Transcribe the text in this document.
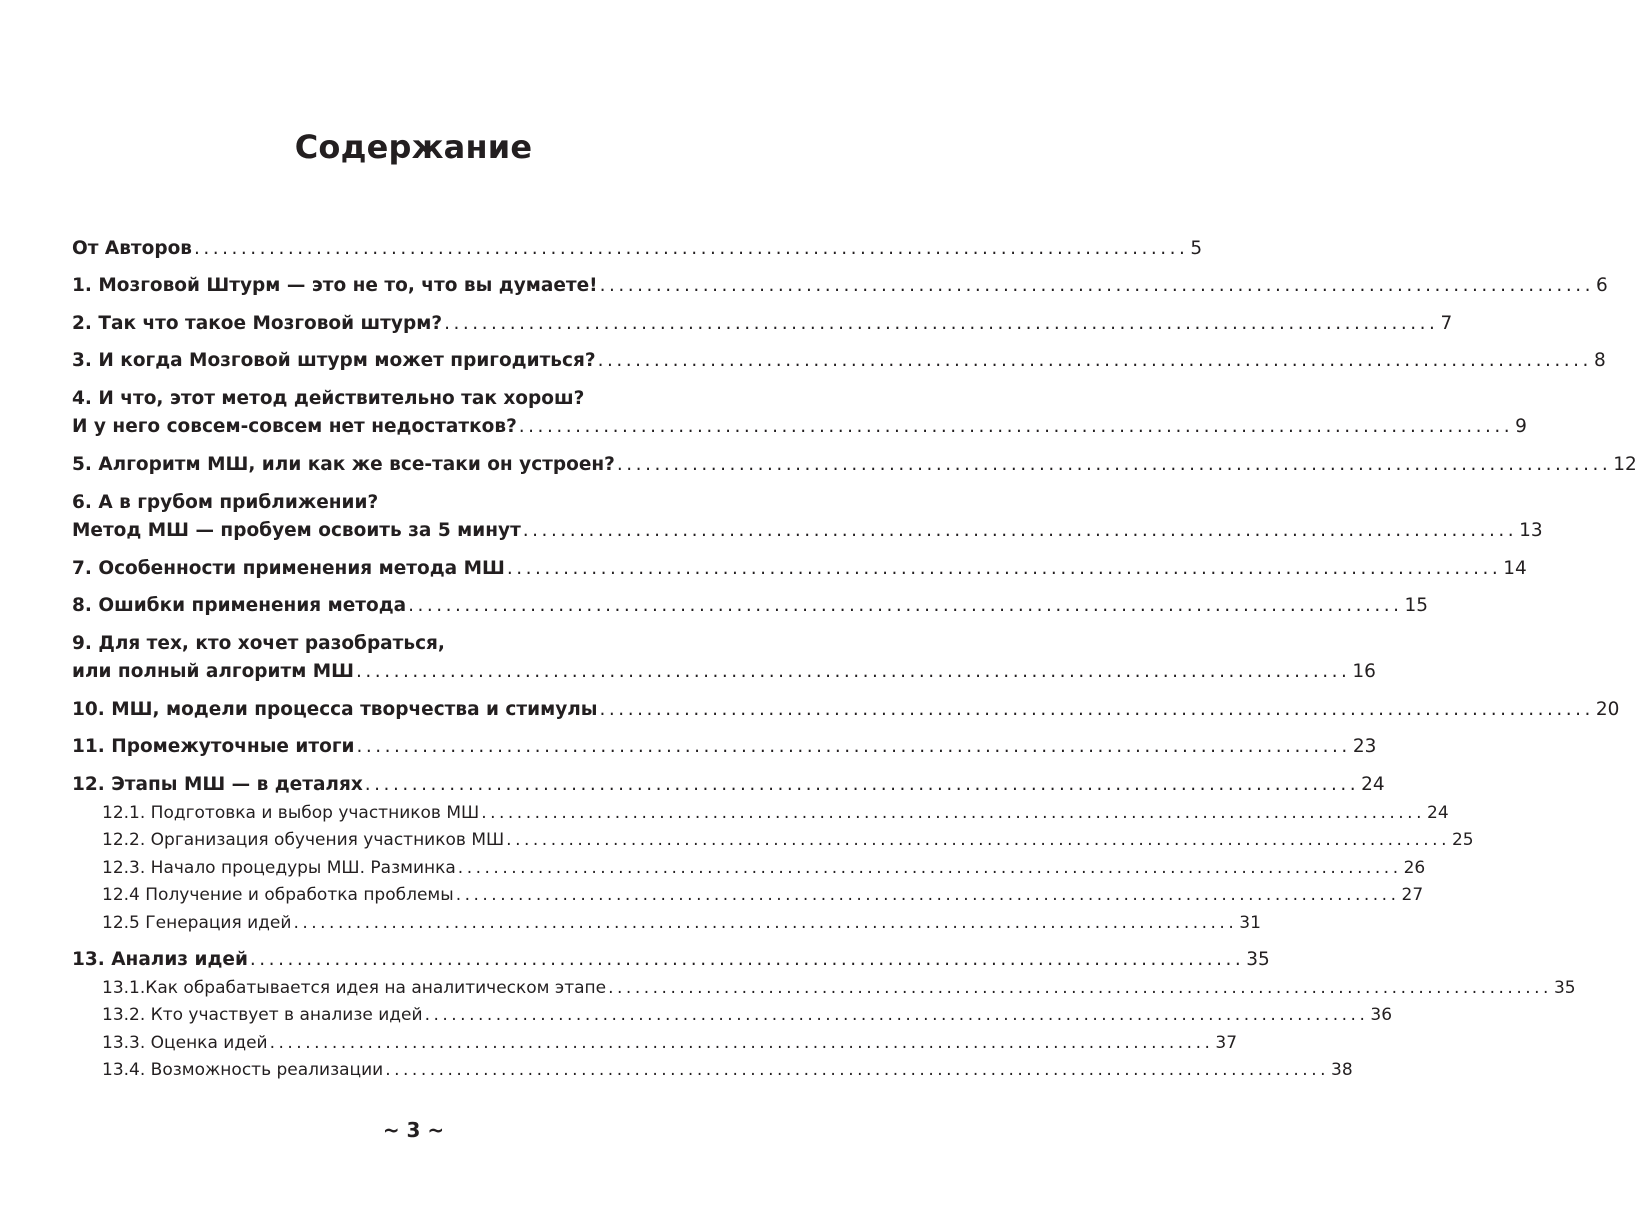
Содержание
От Авторов .......................................................................................................... 5
1. Мозговой Штурм — это не то, что вы думаете! .......................................................................................................... 6
2. Так что такое Мозговой штурм? .......................................................................................................... 7
3. И когда Мозговой штурм может пригодиться? .......................................................................................................... 8
4. И что, этот метод действительно так хорош?
И у него совсем-совсем нет недостатков? .......................................................................................................... 9
5. Алгоритм МШ, или как же все-таки он устроен? .......................................................................................................... 12
6. А в грубом приближении?
Метод МШ — пробуем освоить за 5 минут .......................................................................................................... 13
7. Особенности применения метода МШ .......................................................................................................... 14
8. Ошибки применения метода .......................................................................................................... 15
9. Для тех, кто хочет разобраться,
или полный алгоритм МШ .......................................................................................................... 16
10. МШ, модели процесса творчества и стимулы .......................................................................................................... 20
11. Промежуточные итоги .......................................................................................................... 23
12. Этапы МШ — в деталях .......................................................................................................... 24
12.1. Подготовка и выбор участников МШ .......................................................................................................... 24
12.2. Организация обучения участников МШ .......................................................................................................... 25
12.3. Начало процедуры МШ. Разминка .......................................................................................................... 26
12.4 Получение и обработка проблемы .......................................................................................................... 27
12.5 Генерация идей .......................................................................................................... 31
13. Анализ идей .......................................................................................................... 35
13.1.Как обрабатывается идея на аналитическом этапе .......................................................................................................... 35
13.2. Кто участвует в анализе идей .......................................................................................................... 36
13.3. Оценка идей .......................................................................................................... 37
13.4. Возможность реализации .......................................................................................................... 38
~ 3 ~
